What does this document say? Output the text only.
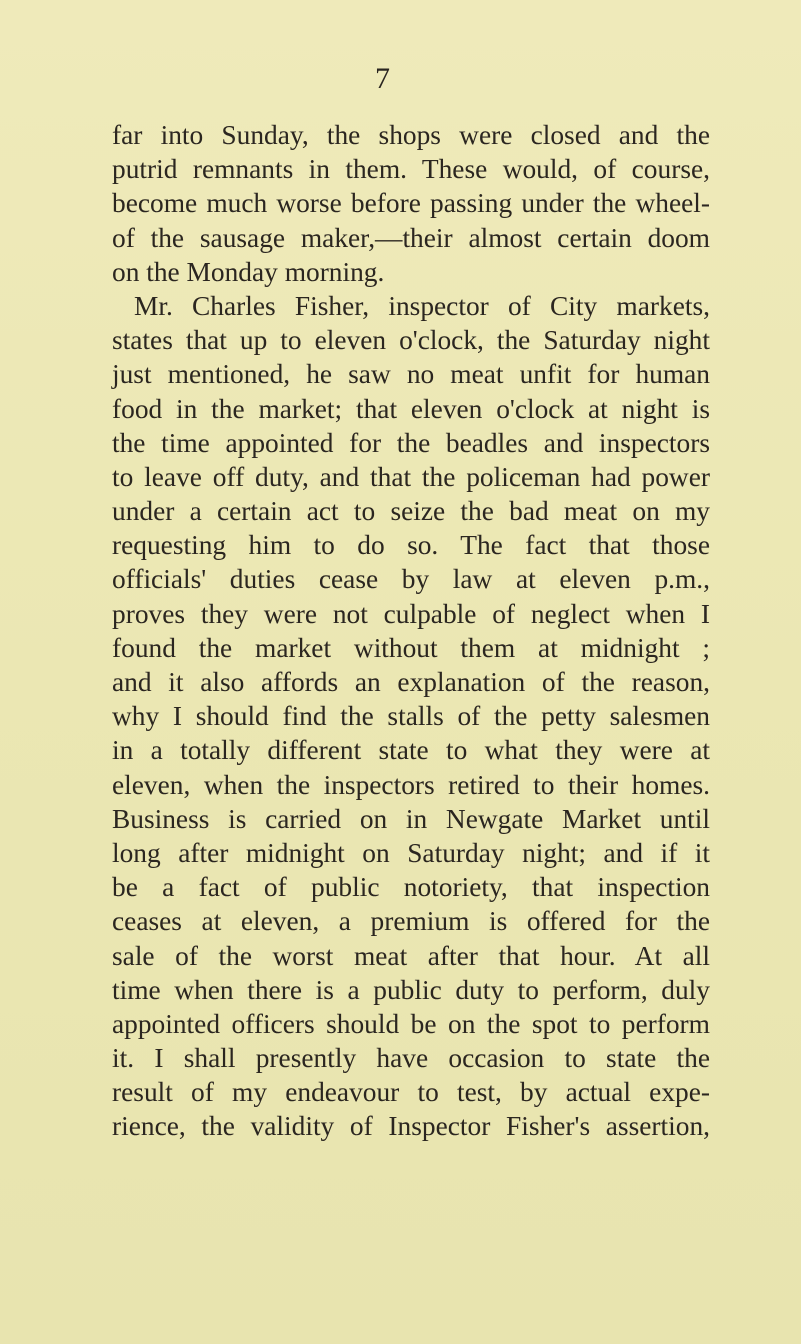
7
far into Sunday, the shops were closed and the
putrid remnants in them. These would, of course,
become much worse before passing under the wheel-
of the sausage maker,—their almost certain doom
on the Monday morning.
Mr. Charles Fisher, inspector of City markets,
states that up to eleven o'clock, the Saturday night
just mentioned, he saw no meat unfit for human
food in the market; that eleven o'clock at night is
the time appointed for the beadles and inspectors
to leave off duty, and that the policeman had power
under a certain act to seize the bad meat on my
requesting him to do so. The fact that those
officials' duties cease by law at eleven p.m.,
proves they were not culpable of neglect when I
found the market without them at midnight ;
and it also affords an explanation of the reason,
why I should find the stalls of the petty salesmen
in a totally different state to what they were at
eleven, when the inspectors retired to their homes.
Business is carried on in Newgate Market until
long after midnight on Saturday night; and if it
be a fact of public notoriety, that inspection
ceases at eleven, a premium is offered for the
sale of the worst meat after that hour. At all
time when there is a public duty to perform, duly
appointed officers should be on the spot to perform
it. I shall presently have occasion to state the
result of my endeavour to test, by actual expe-
rience, the validity of Inspector Fisher's assertion,
